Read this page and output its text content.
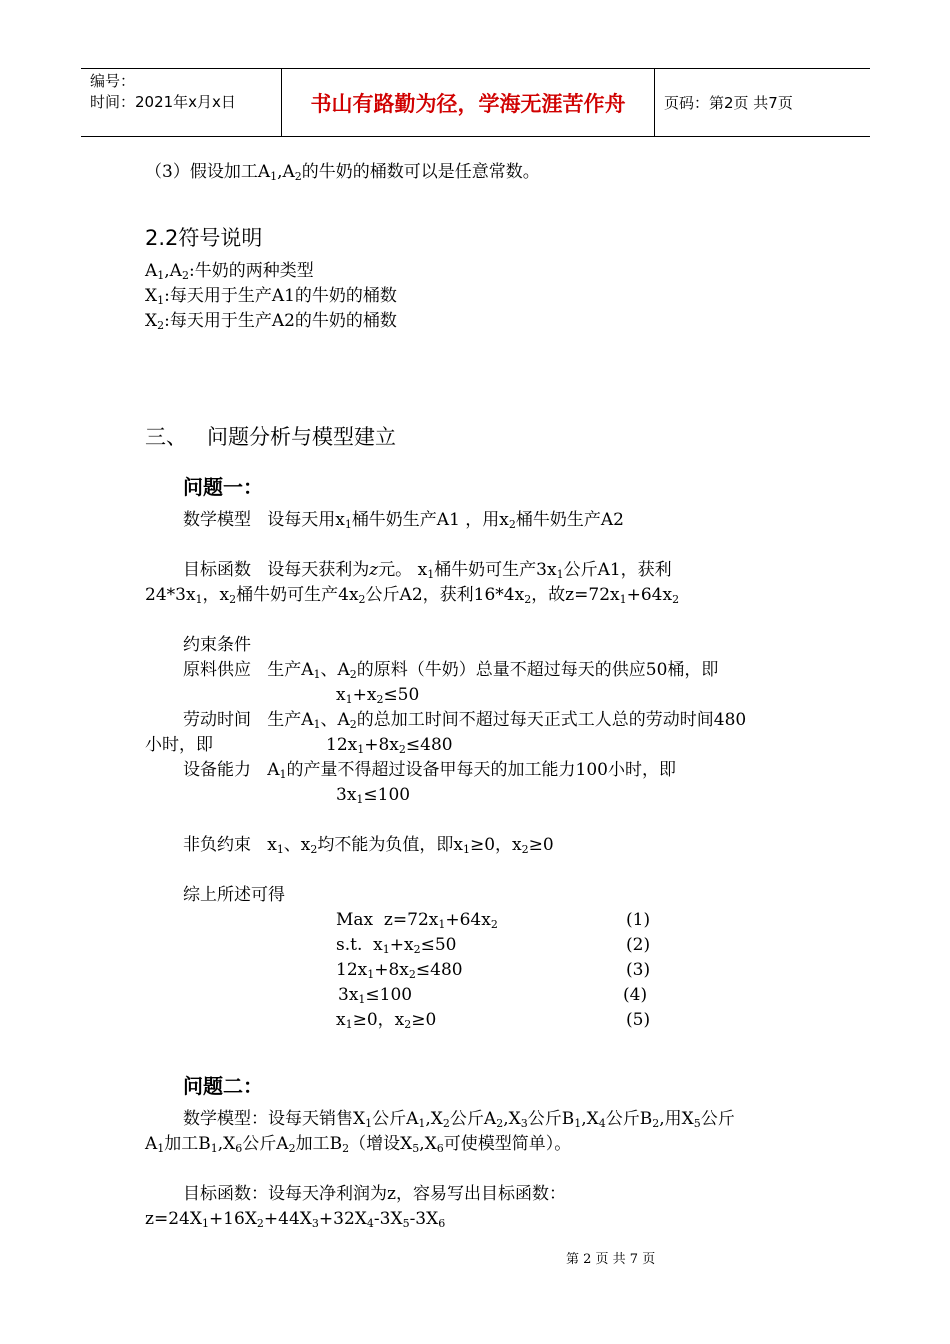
编号：
时间：2021年x月x日	书山有路勤为径，学海无涯苦作舟	页码：第2页 共7页
（3）假设加工$A_1,A_2$的牛奶的桶数可以是任意常数。
2.2符号说明
$A_1,A_2$:牛奶的两种类型
$X_1$:每天用于生产A1的牛奶的桶数
$X_2$:每天用于生产A2的牛奶的桶数
三、   问题分析与模型建立
问题一：
数学模型   设每天用$x_1$桶牛奶生产A1 ，用$x_2$桶牛奶生产A2
目标函数   设每天获利为z元。 $x_1$桶牛奶可生产$3x_1$公斤A1，获利
$24*3x_1$，$x_2$桶牛奶可生产$4x_2$公斤A2，获利$16*4x_2$，故$z=72x_1+64x_2$
约束条件
原料供应   生产$A_1$、$A_2$的原料（牛奶）总量不超过每天的供应50桶，即
$x_1+x_2\le 50$
劳动时间   生产$A_1$、$A_2$的总加工时间不超过每天正式工人总的劳动时间480
小时，即	$12x_1+8x_2\le 480$
设备能力   $A_1$的产量不得超过设备甲每天的加工能力100小时，即
$3x_1\le 100$
非负约束   $x_1$、$x_2$均不能为负值，即$x_1\ge 0$，$x_2\ge 0$
综上所述可得
Max  $z=72x_1+64x_2$	(1)
s.t.  $x_1+x_2\le 50$	(2)
$12x_1+8x_2\le 480$	(3)
$3x_1\le 100$	(4)
$x_1\ge 0$，$x_2\ge 0$	(5)
问题二：
数学模型：设每天销售$X_1$公斤$A_1,X_2$公斤$A_2,X_3$公斤$B_1,X_4$公斤$B_2$,用$X_5$公斤
$A_1$加工$B_1,X_6$公斤$A_2$加工$B_2$（增设$X_5,X_6$可使模型简单）。
目标函数：设每天净利润为z，容易写出目标函数：
$z=24X_1+16X_2+44X_3+32X_4-3X_5-3X_6$
第 2 页 共 7 页
